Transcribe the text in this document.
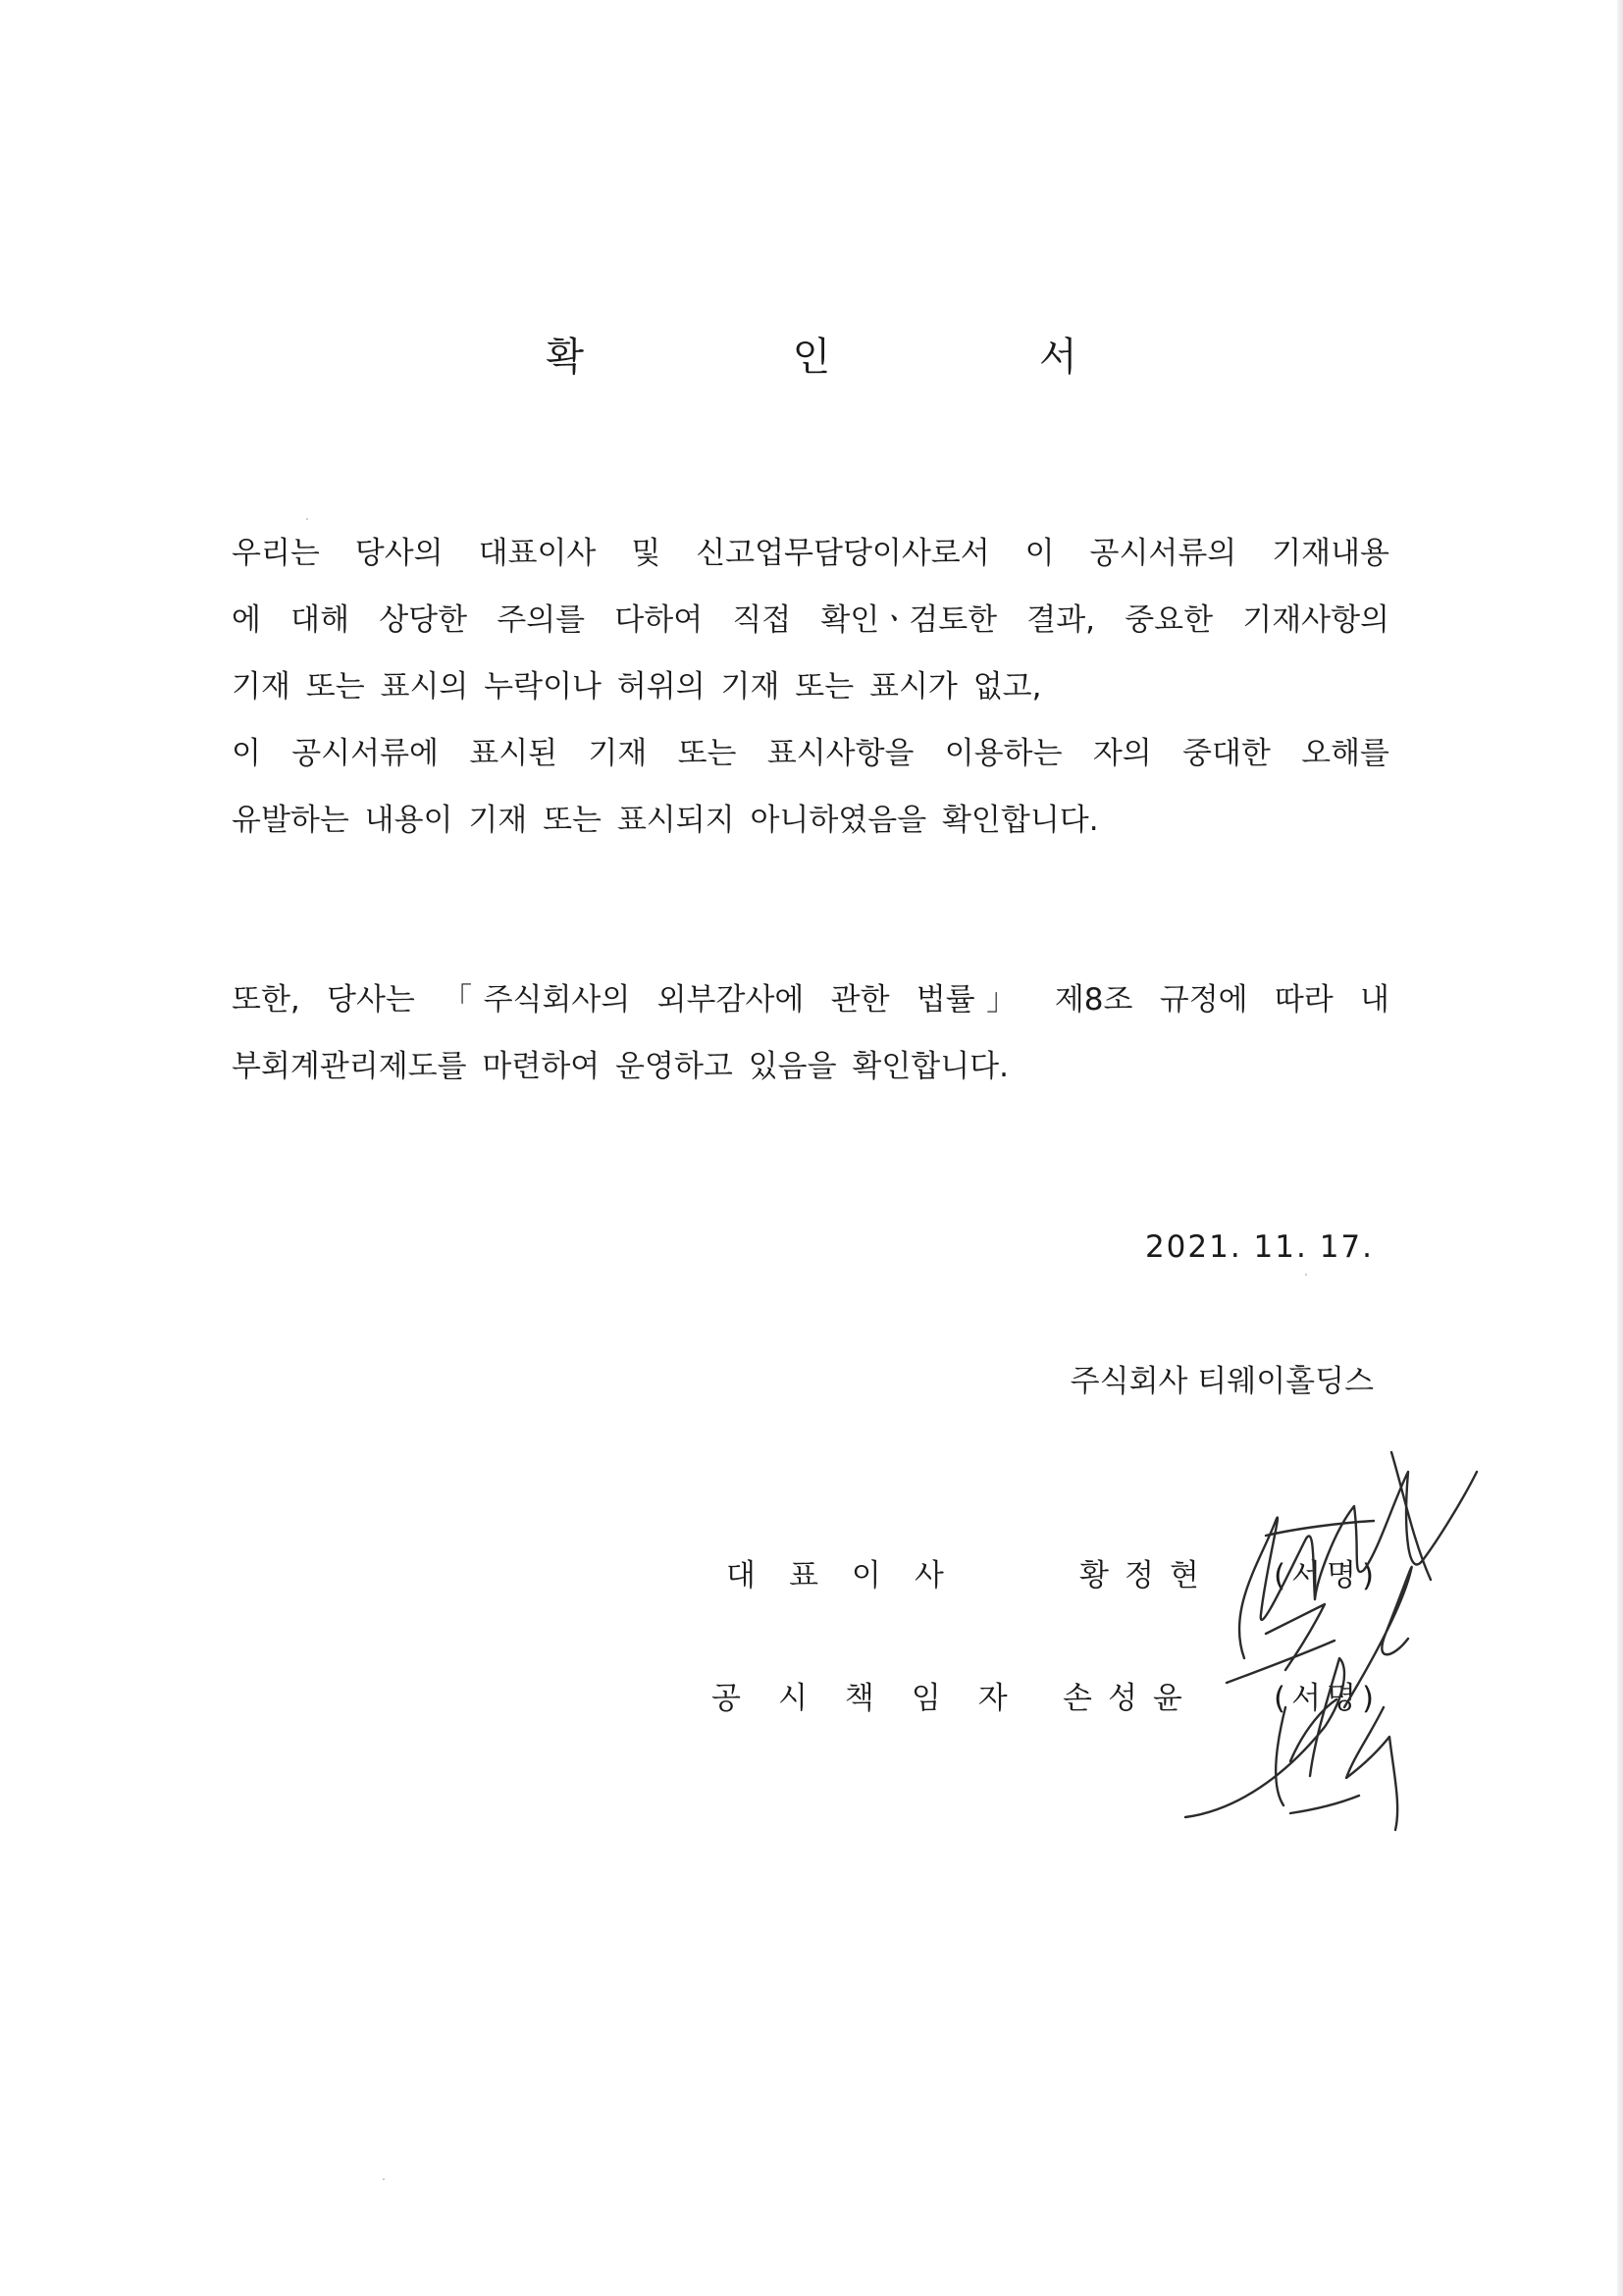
확 인 서
우리는 당사의 대표이사 및 신고업무담당이사로서 이 공시서류의 기재내용
에 대해 상당한 주의를 다하여 직접 확인ㆍ검토한 결과, 중요한 기재사항의
기재 또는 표시의 누락이나 허위의 기재 또는 표시가 없고,
이 공시서류에 표시된 기재 또는 표시사항을 이용하는 자의 중대한 오해를
유발하는 내용이 기재 또는 표시되지 아니하였음을 확인합니다.
또한, 당사는 「주식회사의 외부감사에 관한 법률」 제8조 규정에 따라 내
부회계관리제도를 마련하여 운영하고 있음을 확인합니다.
2021. 11. 17.
주식회사 티웨이홀딩스
대표이사	황정현 (서명)
공시책임자 손성윤 (서명)
